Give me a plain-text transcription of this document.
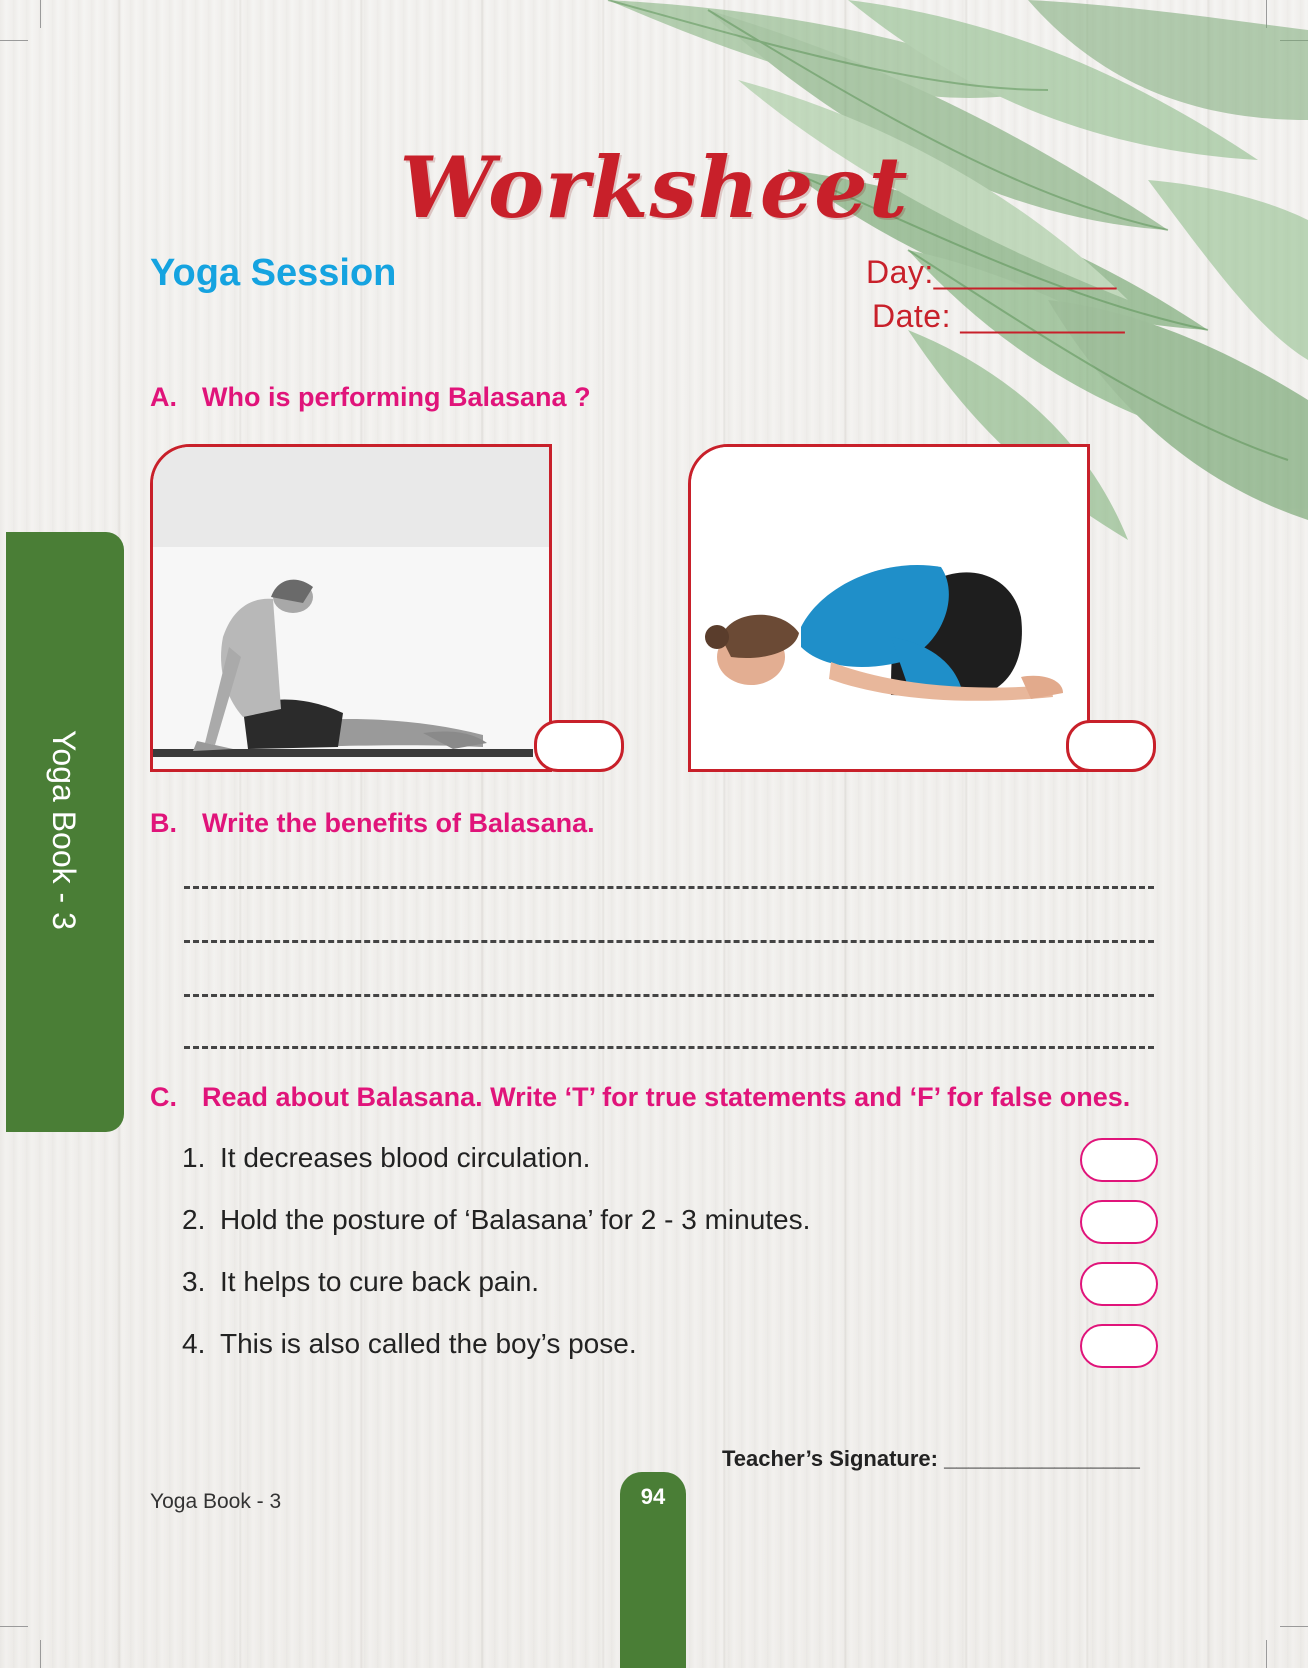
Worksheet
Yoga Session	Day:__________
Date: _________
A. Who is performing Balasana ?
B. Write the benefits of Balasana.
C. Read about Balasana. Write ‘T’ for true statements and ‘F’ for false ones.
1. It decreases blood circulation.
2. Hold the posture of ‘Balasana’ for 2 - 3 minutes.
3. It helps to cure back pain.
4. This is also called the boy’s pose.
Yoga Book - 3
Teacher’s Signature: ________________
Yoga Book - 3	94
